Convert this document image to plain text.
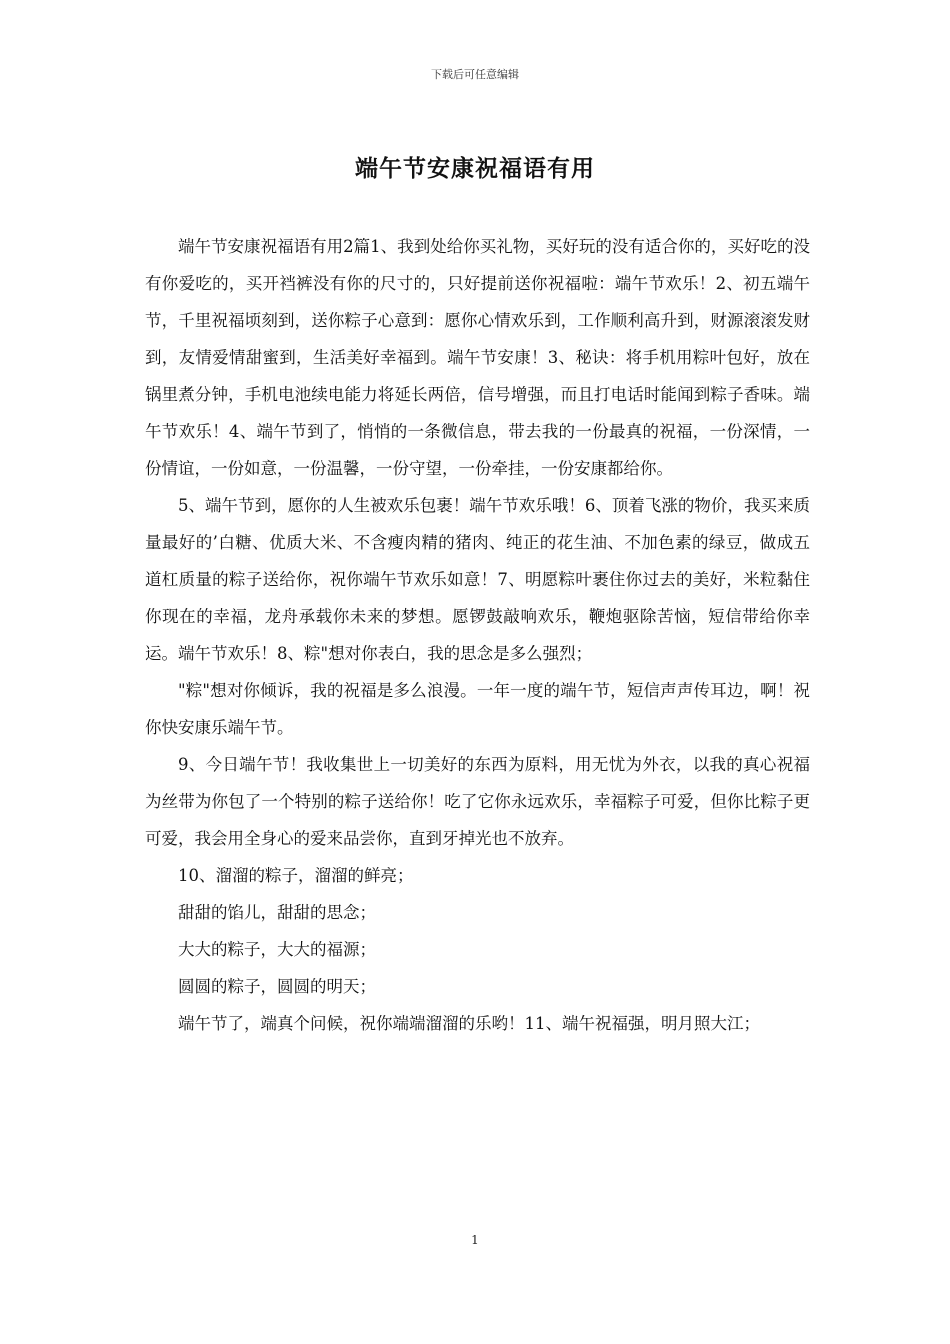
下载后可任意编辑
端午节安康祝福语有用

端午节安康祝福语有用2篇1、我到处给你买礼物，买好玩的没有适合你的，买好吃的没有你爱吃的，买开裆裤没有你的尺寸的，只好提前送你祝福啦：端午节欢乐！2、初五端午节，千里祝福顷刻到，送你粽子心意到：愿你心情欢乐到，工作顺利高升到，财源滚滚发财到，友情爱情甜蜜到，生活美好幸福到。端午节安康！3、秘诀：将手机用粽叶包好，放在锅里煮分钟，手机电池续电能力将延长两倍，信号增强，而且打电话时能闻到粽子香味。端午节欢乐！4、端午节到了，悄悄的一条微信息，带去我的一份最真的祝福，一份深情，一份情谊，一份如意，一份温馨，一份守望，一份牵挂，一份安康都给你。

5、端午节到，愿你的人生被欢乐包裹！端午节欢乐哦！6、顶着飞涨的物价，我买来质量最好的’白糖、优质大米、不含瘦肉精的猪肉、纯正的花生油、不加色素的绿豆，做成五道杠质量的粽子送给你，祝你端午节欢乐如意！7、明愿粽叶裹住你过去的美好，米粒黏住你现在的幸福，龙舟承载你未来的梦想。愿锣鼓敲响欢乐，鞭炮驱除苦恼，短信带给你幸运。端午节欢乐！8、粽"想对你表白，我的思念是多么强烈；

"粽"想对你倾诉，我的祝福是多么浪漫。一年一度的端午节，短信声声传耳边，啊！祝你快安康乐端午节。

9、今日端午节！我收集世上一切美好的东西为原料，用无忧为外衣，以我的真心祝福为丝带为你包了一个特别的粽子送给你！吃了它你永远欢乐，幸福粽子可爱，但你比粽子更可爱，我会用全身心的爱来品尝你，直到牙掉光也不放弃。

10、溜溜的粽子，溜溜的鲜亮；

甜甜的馅儿，甜甜的思念；

大大的粽子，大大的福源；

圆圆的粽子，圆圆的明天；

端午节了，端真个问候，祝你端端溜溜的乐哟！11、端午祝福强，明月照大江；

1
